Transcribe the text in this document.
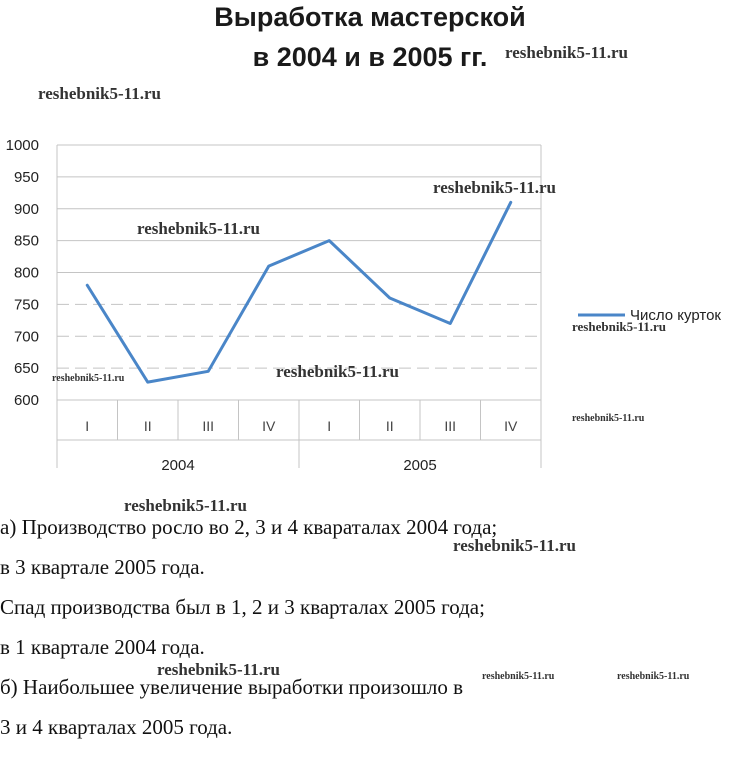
Выработка мастерской
в 2004 и в 2005 гг.
600
650
700
750
800
850
900
950
1000
I	II	III	IV	I	II	III	IV
2004	2005
Число курток
reshebnik5-11.ru
reshebnik5-11.ru
reshebnik5-11.ru
reshebnik5-11.ru
reshebnik5-11.ru
reshebnik5-11.ru	reshebnik5-11.ru
reshebnik5-11.ru

а) Производство росло во 2, 3 и 4 квараталах 2004 года;

в 3 квартале 2005 года.

Спад производства был в 1, 2 и 3 кварталах 2005 года;

в 1 квартале 2004 года.

б) Наибольшее увеличение выработки произошло в

3 и 4 кварталах 2005 года.

reshebnik5-11.ru
reshebnik5-11.ru
reshebnik5-11.ru	reshebnik5-11.ru	reshebnik5-11.ru
